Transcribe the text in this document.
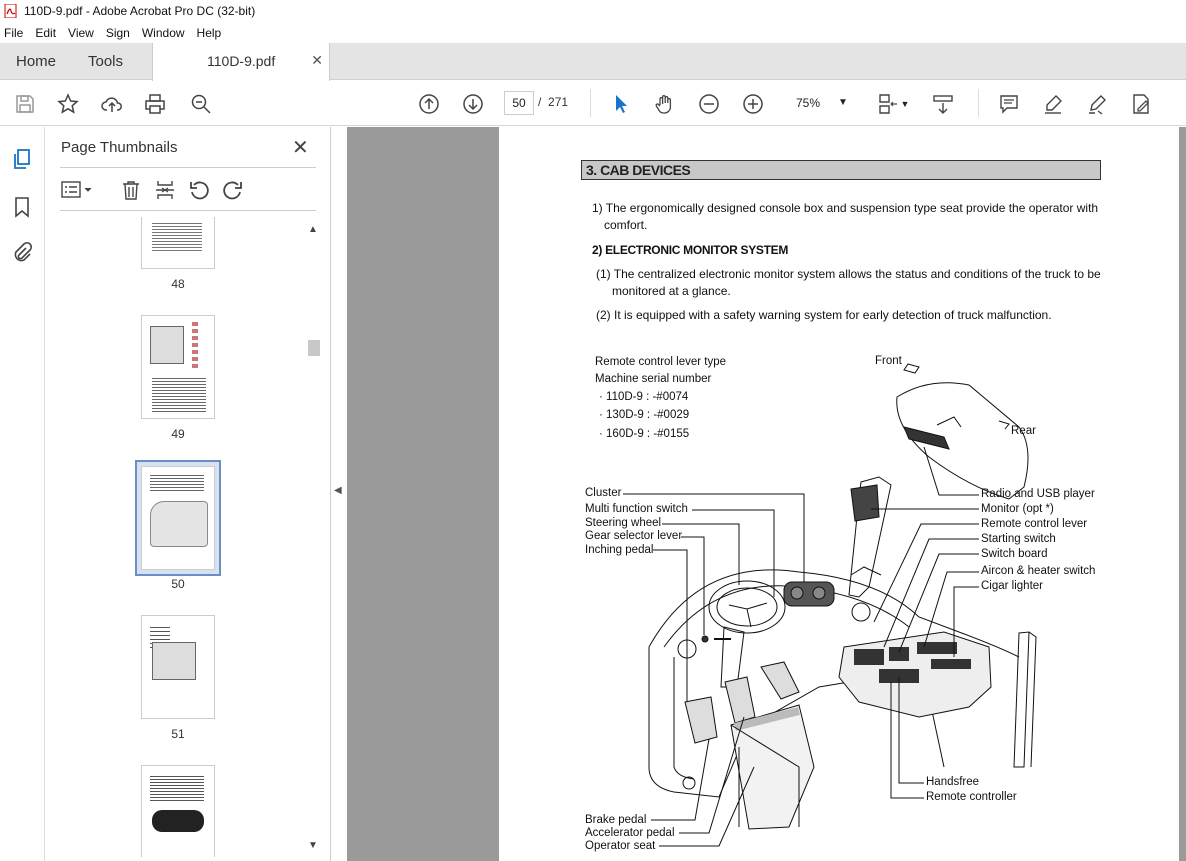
110D-9.pdf - Adobe Acrobat Pro DC (32-bit)
File Edit View Sign Window Help
Home Tools	110D-9.pdf	✕
50	/ 271	75% ▼	▼
Page Thumbnails	✕
48
49
50
51
▲
▼
◀
3. CAB DEVICES
1) The ergonomically designed console box and suspension type seat provide the operator with
comfort.
2) ELECTRONIC MONITOR SYSTEM
(1) The centralized electronic monitor system allows the status and conditions of the truck to be
monitored at a glance.
(2) It is equipped with a safety warning system for early detection of truck malfunction.
Remote control lever type
Machine serial number
· 110D-9 : -#0074
· 130D-9 : -#0029
· 160D-9 : -#0155
Front
Rear
Cluster
Multi function switch
Steering wheel
Gear selector lever
Inching pedal
Radio and USB player
Monitor (opt *)
Remote control lever
Starting switch
Switch board
Aircon & heater switch
Cigar lighter
Handsfree
Remote controller
Brake pedal
Accelerator pedal
Operator seat
